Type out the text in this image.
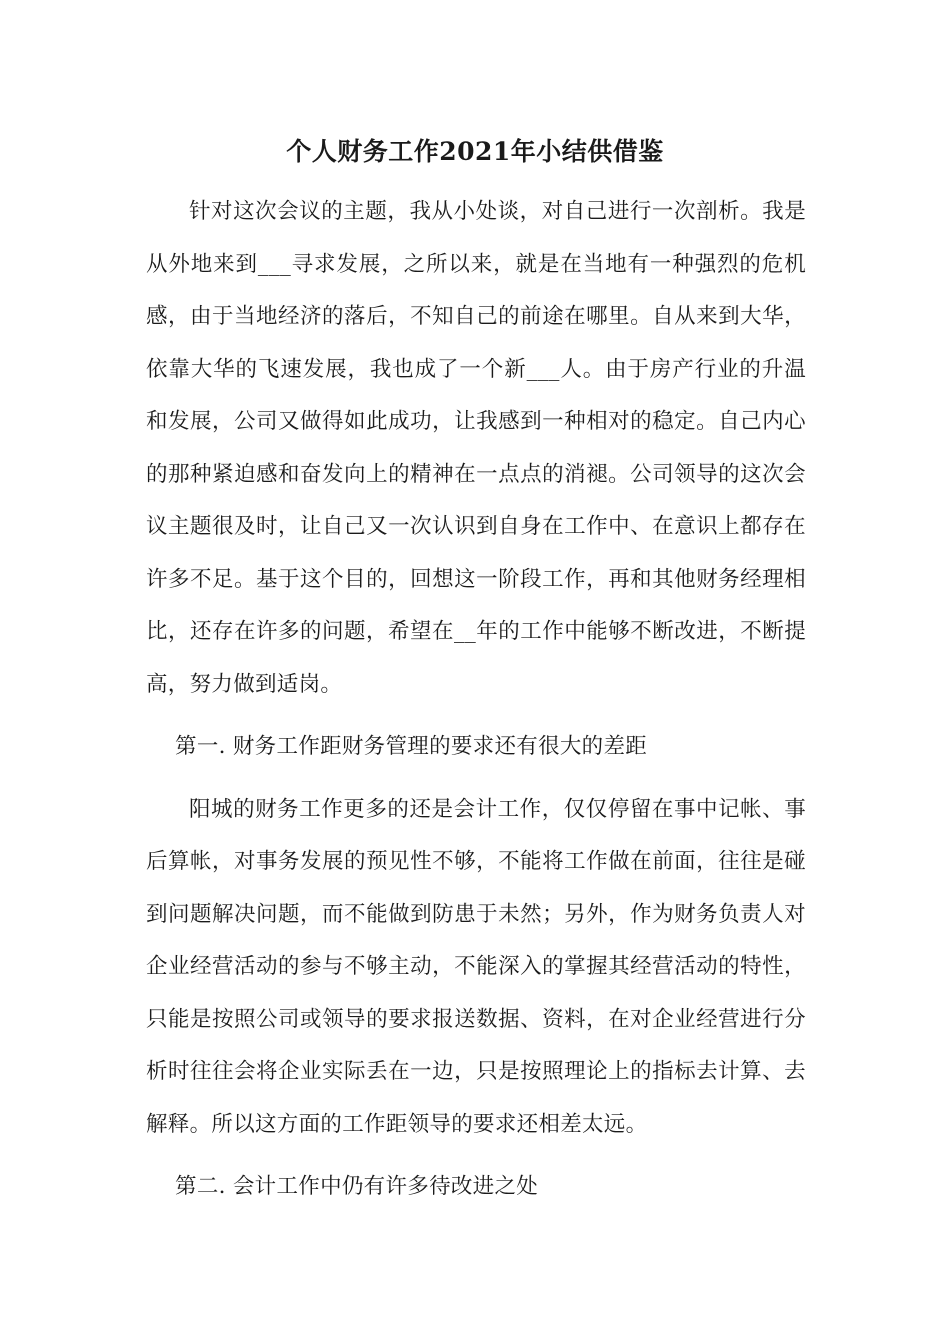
个人财务工作2021年小结供借鉴

针对这次会议的主题，我从小处谈，对自己进行一次剖析。我是从外地来到___寻求发展，之所以来，就是在当地有一种强烈的危机感，由于当地经济的落后，不知自己的前途在哪里。自从来到大华，依靠大华的飞速发展，我也成了一个新___人。由于房产行业的升温和发展，公司又做得如此成功，让我感到一种相对的稳定。自己内心的那种紧迫感和奋发向上的精神在一点点的消褪。公司领导的这次会议主题很及时，让自己又一次认识到自身在工作中、在意识上都存在许多不足。基于这个目的，回想这一阶段工作，再和其他财务经理相比，还存在许多的问题，希望在__年的工作中能够不断改进，不断提高，努力做到适岗。

第一. 财务工作距财务管理的要求还有很大的差距

阳城的财务工作更多的还是会计工作，仅仅停留在事中记帐、事后算帐，对事务发展的预见性不够，不能将工作做在前面，往往是碰到问题解决问题，而不能做到防患于未然；另外，作为财务负责人对企业经营活动的参与不够主动，不能深入的掌握其经营活动的特性，只能是按照公司或领导的要求报送数据、资料，在对企业经营进行分析时往往会将企业实际丢在一边，只是按照理论上的指标去计算、去解释。所以这方面的工作距领导的要求还相差太远。

第二. 会计工作中仍有许多待改进之处
